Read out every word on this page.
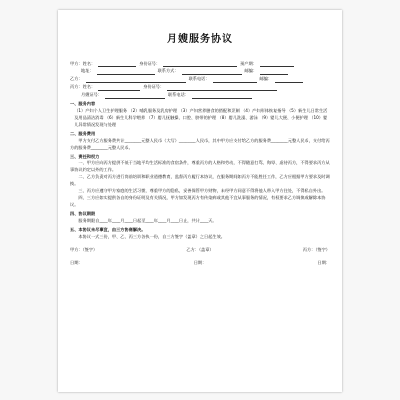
月嫂服务协议
甲方：姓名：	身份证号：	预产期：
地址：	联系方式：	邮编：
乙方：	联系电话：	邮编：
丙方：姓名：	身份证号：
月嫂证号：	联系电话：
一、服务内容
（1）产妇个人卫生护理服务 （2）哺乳服务及乳房护理 （3）产妇营养膳食的搭配和烹制 （4）产妇形体恢复指导 （5）新生儿日常生活及用品清洁消毒 （6）新生儿科学喂养 （7）婴儿抚触操、口腔、脐带的护理 （8）婴儿洗澡、游泳 （9）婴儿大便、小便护理 （10）婴儿异常情况发现与处理
二、服务费用
甲方支付乙方服务费共计________元整人民币（大写）________人民币，其中甲方应支付给乙方的服务费________元整人民币，支付给丙方的服务费________元整人民币。
三、责任和权力
一、甲方应向丙方提供不低于当地平均生活标准的食宿条件，尊重丙方的人格和劳动，不得随意打骂、侮辱、虐待丙方，不得要求丙方从事协议约定以外的工作。
二、乙方负责对丙方进行岗前培训和职业道德教育，监督丙方履行本协议，在服务期间如丙方不能胜任工作，乙方应根据甲方要求及时调换。
三、丙方应遵守甲方家庭的生活习惯，尊重甲方的隐私，妥善保管甲方财物，未经甲方同意不得将他人带入甲方住处，不得私自外出。
四、三方应如实提供各自的身份证明及有关情况，甲方如发现丙方有传染病或其他不宜从事服务的情况，有权要求乙方调换或解除本协议。
四、协议期限
服务期限自____年____月____日起至____年____月____日止，共计____天。
五、本协议未尽事宜，由三方协商解决。
本协议一式三份，甲、乙、丙三方各执一份，自三方签字（盖章）之日起生效。
甲方：（签字）	乙方：（盖章）	丙方：（签字）
日期：	日期：	日期：
